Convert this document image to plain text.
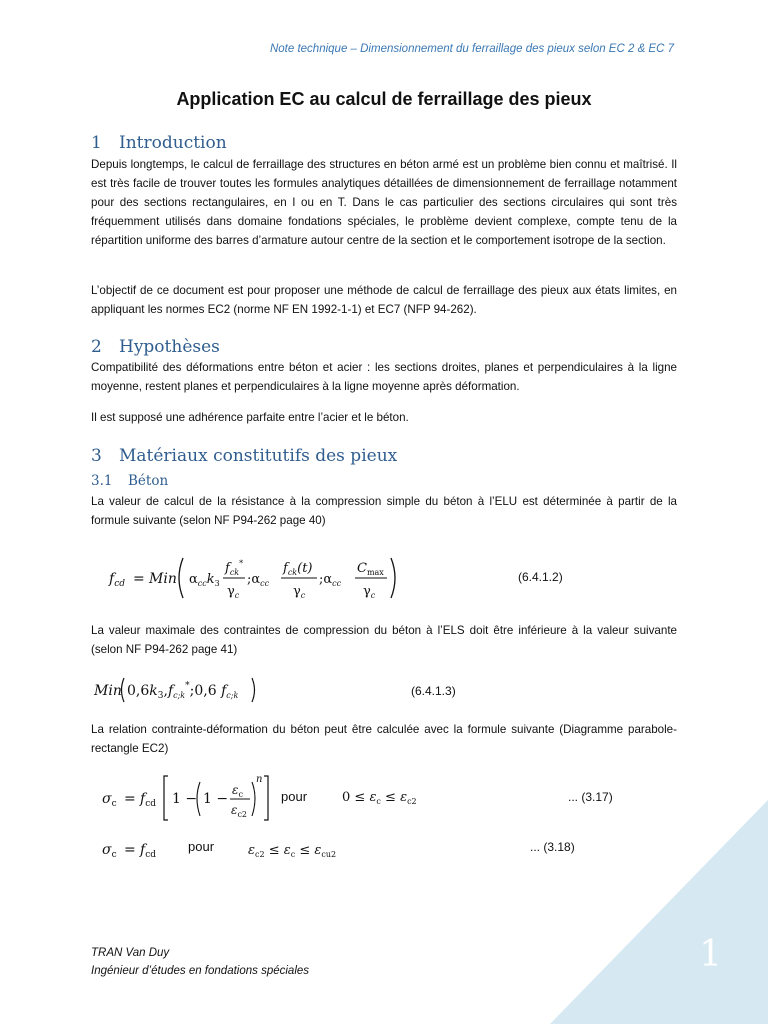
Note technique – Dimensionnement du ferraillage des pieux selon EC 2 & EC 7
Application EC au calcul de ferraillage des pieux
1 Introduction

Depuis longtemps, le calcul de ferraillage des structures en béton armé est un problème bien connu et maîtrisé. Il est très facile de trouver toutes les formules analytiques détaillées de dimensionnement de ferraillage notamment pour des sections rectangulaires, en I ou en T. Dans le cas particulier des sections circulaires qui sont très fréquemment utilisés dans domaine fondations spéciales, le problème devient complexe, compte tenu de la répartition uniforme des barres d’armature autour centre de la section et le comportement isotrope de la section.

L’objectif de ce document est pour proposer une méthode de calcul de ferraillage des pieux aux états limites, en appliquant les normes EC2 (norme NF EN 1992-1-1) et EC7 (NFP 94-262).

2 Hypothèses

Compatibilité des déformations entre béton et acier : les sections droites, planes et perpendiculaires à la ligne moyenne, restent planes et perpendiculaires à la ligne moyenne après déformation.

Il est supposé une adhérence parfaite entre l’acier et le béton.

3 Matériaux constitutifs des pieux
3.1 Béton

La valeur de calcul de la résistance à la compression simple du béton à l’ELU est déterminée à partir de la formule suivante (selon NF P94-262 page 40)

$f_{cd}$ = Min $\alpha_{cc}k_3$
$f_{ck}^*$
$\gamma_c$
$;\alpha_{cc}$
$f_{ck}(t)$
$\gamma_c$
$;\alpha_{cc}$
$C_{max}$
$\gamma_c$
(6.4.1.2)

La valeur maximale des contraintes de compression du béton à l’ELS doit être inférieure à la valeur suivante (selon NF P94-262 page 41)

Min $0,6k_3,f_{c;k}^*;0,6$ $f_{c;k}$	(6.4.1.3)

La relation contrainte-déformation du béton peut être calculée avec la formule suivante (Diagramme parabole-rectangle EC2)

$\sigma_c = f_{cd}$ 1 − 1 −
$\varepsilon_c$
$\varepsilon_{c2}$
n
pour	$0 \le \varepsilon_c \le \varepsilon_{c2}$	... (3.17)
$\sigma_c = f_{cd}$
pour	$\varepsilon_{c2} \le \varepsilon_c \le \varepsilon_{cu2}$
... (3.18)
TRAN Van Duy
Ingénieur d’études en fondations spéciales	1
